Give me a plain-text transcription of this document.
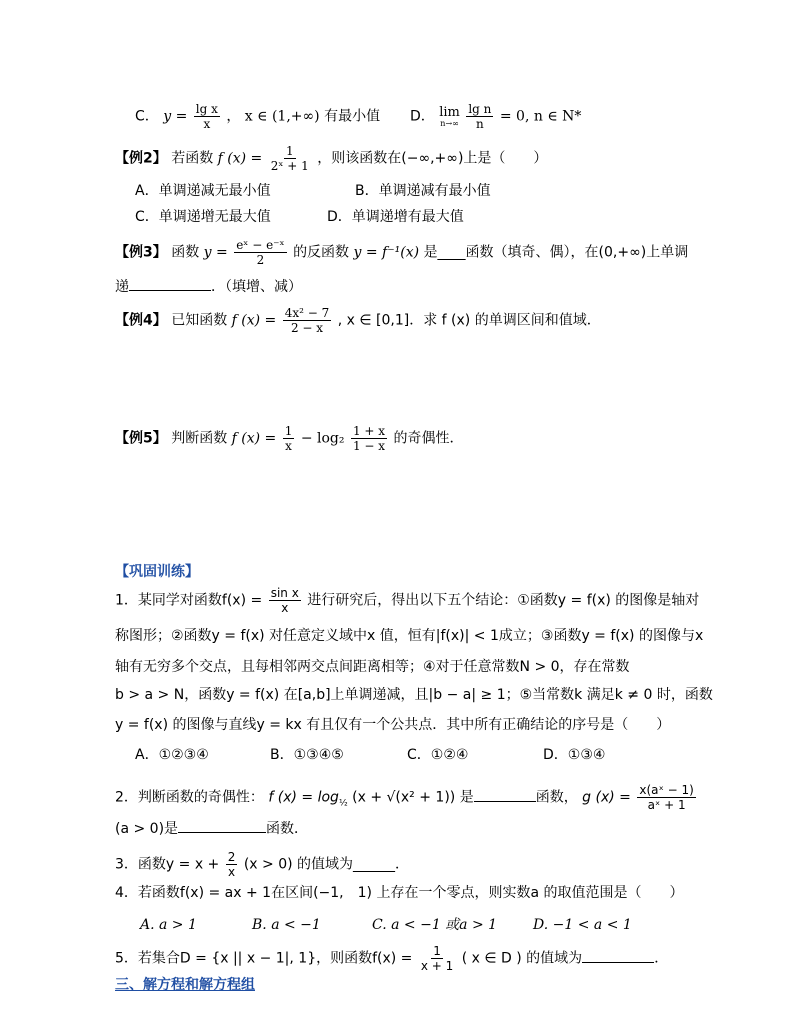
C． $y = \frac{\text{lg x}}{x}$ ， x ∈ (1,+∞) 有最小值 D． lim
n→∞
$\frac{\text{lg n}}{n} = 0$, n ∈ N*
【例2】 若函数 f $(x) = \frac{1}{\text{2ˣ + 1}}$ ，则该函数在(−∞,+∞)上是（　　）
A．单调递减无最小值	B．单调递减有最小值
C．单调递增无最大值	D．单调递增有最大值
【例3】 函数 $y = \frac{\text{eˣ − e⁻ˣ}}{2}$ 的反函数 y = f⁻¹(x) 是____函数（填奇、偶），在(0,+∞)上单调
递	．（填增、减）
【例4】 已知函数 f $(x) = \frac{\text{4x² − 7}}{2 - x}$ , x ∈ [0,1]．求 f (x) 的单调区间和值域．
【例5】 判断函数 f $(x) = \frac{1}{x} - \log_2 \frac{1 + x}{1 - x}$ 的奇偶性．
【巩固训练】
1．某同学对函数$f(x) = \frac{\text{sin x}}{x}$ 进行研究后，得出以下五个结论：①函数y = f(x) 的图像是轴对
称图形；②函数y = f(x) 对任意定义域中x 值，恒有|f(x)| < 1成立；③函数y = f(x) 的图像与x
轴有无穷多个交点，且每相邻两交点间距离相等；④对于任意常数N > 0，存在常数
b > a > N，函数y = f(x) 在[a,b]上单调递减，且|b − a| ≥ 1；⑤当常数k 满足k ≠ 0 时，函数
y = f(x) 的图像与直线y = kx 有且仅有一个公共点．其中所有正确结论的序号是（　　）
A．①②③④	B．①③④⑤	C．①②④	D．①③④
2．判断函数的奇偶性： f $(x) = \log_{\frac{1}{2}} (x + √(x^2 + 1))$ 是	函数， g $(x) = \frac{\text{x(aˣ − 1)}}{\text{aˣ + 1}}$
(a > 0)是	函数．
3．函数$y = x + \frac{2}{x} (x > 0)$ 的值域为______．
4．若函数f(x) = ax + 1在区间(−1,　1) 上存在一个零点，则实数a 的取值范围是（　　）
A. a > 1	B. a < −1	C. a < −1 或a > 1	D. −1 < a < 1
5．若集合D = {x || x − 1|, 1}，则函数$f(x) = \frac{1}{x + 1}$ ( x ∈ D ) 的值域为	．
三、解方程和解方程组
